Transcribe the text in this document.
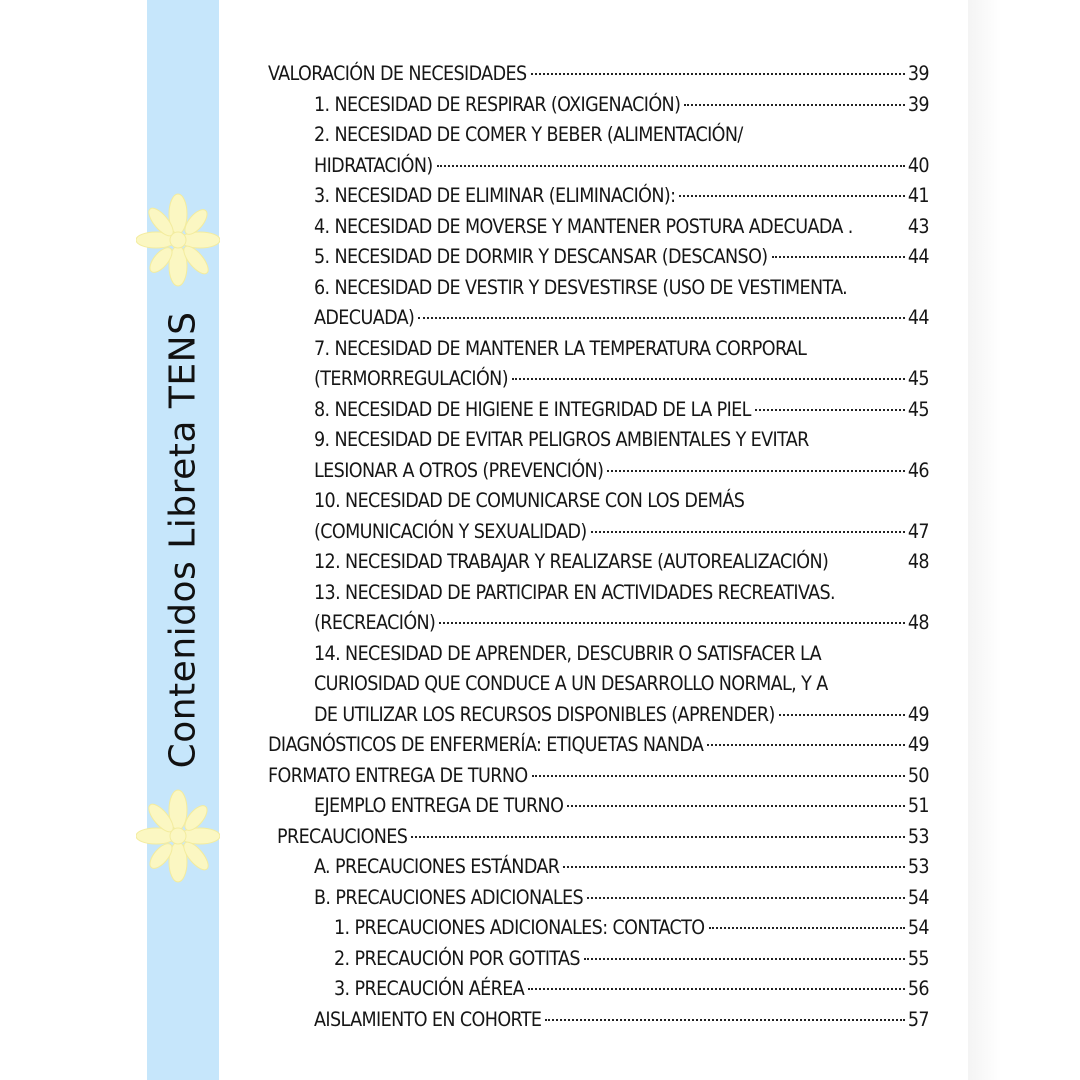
Contenidos Libreta TENS
VALORACIÓN DE NECESIDADES	39
1. NECESIDAD DE RESPIRAR (OXIGENACIÓN)	39
2. NECESIDAD DE COMER Y BEBER (ALIMENTACIÓN/
HIDRATACIÓN)	40
3. NECESIDAD DE ELIMINAR (ELIMINACIÓN):	41
4. NECESIDAD DE MOVERSE Y MANTENER POSTURA ADECUADA .	43
5. NECESIDAD DE DORMIR Y DESCANSAR (DESCANSO)	44
6. NECESIDAD DE VESTIR Y DESVESTIRSE (USO DE VESTIMENTA.
ADECUADA)	44
7. NECESIDAD DE MANTENER LA TEMPERATURA CORPORAL
(TERMORREGULACIÓN)	45
8. NECESIDAD DE HIGIENE E INTEGRIDAD DE LA PIEL	45
9. NECESIDAD DE EVITAR PELIGROS AMBIENTALES Y EVITAR
LESIONAR A OTROS (PREVENCIÓN)	46
10. NECESIDAD DE COMUNICARSE CON LOS DEMÁS
(COMUNICACIÓN Y SEXUALIDAD)	47
12. NECESIDAD TRABAJAR Y REALIZARSE (AUTOREALIZACIÓN)	48
13. NECESIDAD DE PARTICIPAR EN ACTIVIDADES RECREATIVAS.
(RECREACIÓN)	48
14. NECESIDAD DE APRENDER, DESCUBRIR O SATISFACER LA
CURIOSIDAD QUE CONDUCE A UN DESARROLLO NORMAL, Y A
DE UTILIZAR LOS RECURSOS DISPONIBLES (APRENDER)	49
DIAGNÓSTICOS DE ENFERMERÍA: ETIQUETAS NANDA	49
FORMATO ENTREGA DE TURNO	50
EJEMPLO ENTREGA DE TURNO	51
PRECAUCIONES	53
A. PRECAUCIONES ESTÁNDAR	53
B. PRECAUCIONES ADICIONALES	54
1. PRECAUCIONES ADICIONALES: CONTACTO	54
2. PRECAUCIÓN POR GOTITAS	55
3. PRECAUCIÓN AÉREA	56
AISLAMIENTO EN COHORTE	57
